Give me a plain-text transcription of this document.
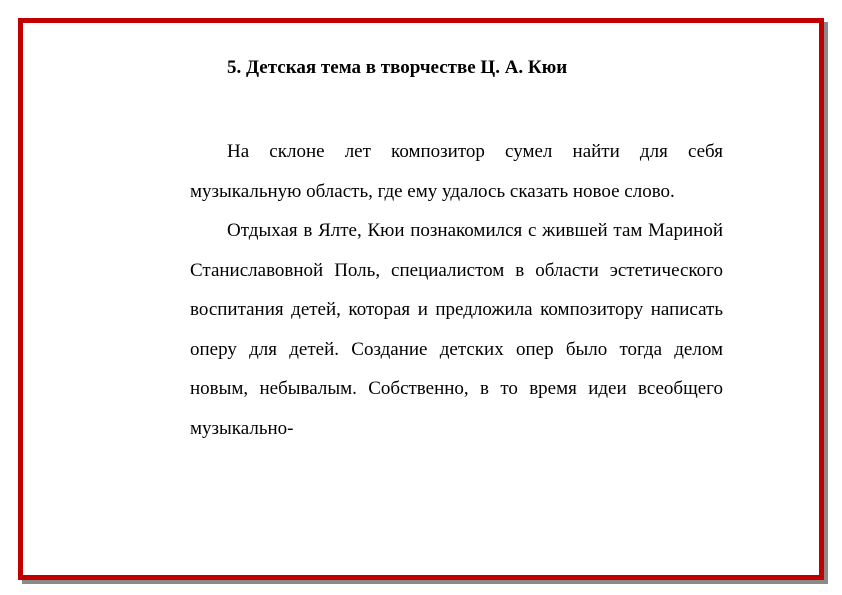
5. Детская тема в творчестве Ц. А. Кюи

На склоне лет композитор сумел найти для себя музыкальную область, где ему удалось сказать новое слово.

Отдыхая в Ялте, Кюи познакомился с жившей там Мариной Станиславовной Поль, специалистом в области эстетического воспитания детей, которая и предложила композитору написать оперу для детей. Создание детских опер было тогда делом новым, небывалым. Собственно, в то время идеи всеобщего музыкально-
